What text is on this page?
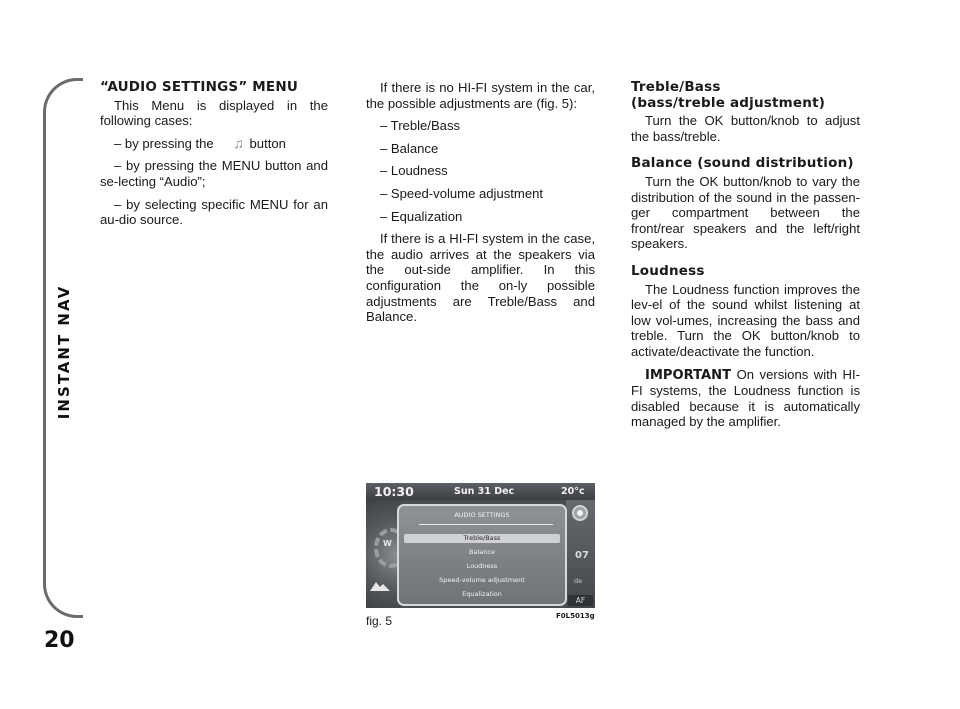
INSTANT NAV
20
“AUDIO SETTINGS” MENU

This Menu is displayed in the following cases:

– by pressing the ♫ button

– by pressing the MENU button and se-lecting “Audio”;

– by selecting specific MENU for an au-dio source.

If there is no HI-FI system in the car, the possible adjustments are (fig. 5):

– Treble/Bass

– Balance

– Loudness

– Speed-volume adjustment

– Equalization

If there is a HI-FI system in the case, the audio arrives at the speakers via the out-side amplifier. In this configuration the on-ly possible adjustments are Treble/Bass and Balance.

Treble/Bass
(bass/treble adjustment)

Turn the OK button/knob to adjust the bass/treble.

Balance (sound distribution)

Turn the OK button/knob to vary the distribution of the sound in the passen-ger compartment between the front/rear speakers and the left/right speakers.

Loudness

The Loudness function improves the lev-el of the sound whilst listening at low vol-umes, increasing the bass and treble. Turn the OK button/knob to activate/deactivate the function.

IMPORTANT On versions with HI-FI systems, the Loudness function is disabled because it is automatically managed by the amplifier.

10:30	Sun 31 Dec	20°c
W
07
de
AF
AUDIO SETTINGS
Treble/Bass
Balance
Loudness
Speed-volume adjustment
Equalization
fig. 5	F0L5013g
